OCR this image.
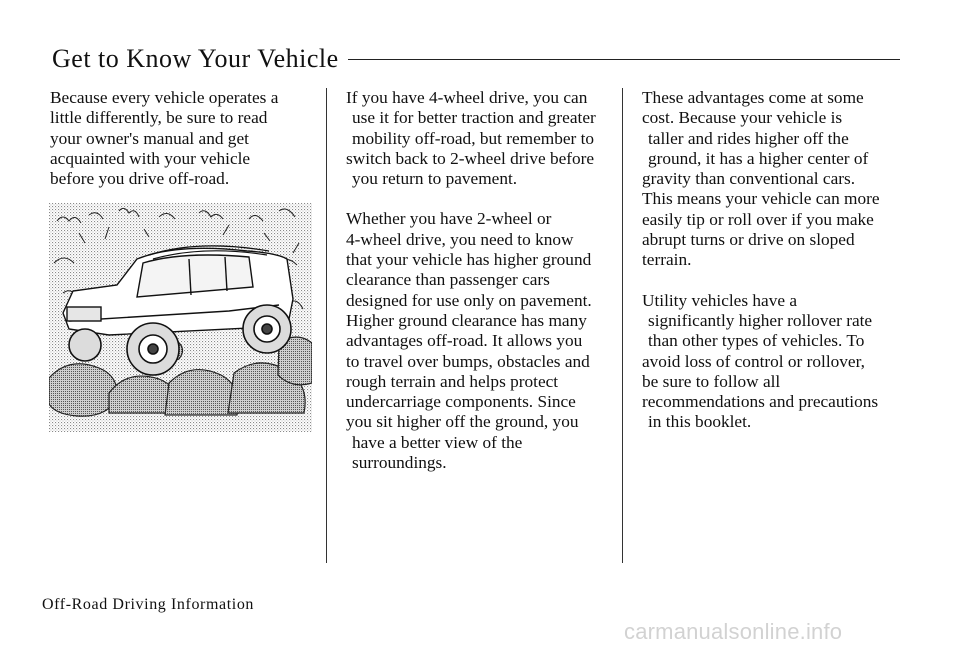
Get to Know Your Vehicle

Because every vehicle operates a
little differently, be sure to read
your owner's manual and get
acquainted with your vehicle
before you drive off-road.

If you have 4-wheel drive, you can
use it for better traction and greater
mobility off-road, but remember to
switch back to 2-wheel drive before
you return to pavement.

Whether you have 2-wheel or
4-wheel drive, you need to know
that your vehicle has higher ground
clearance than passenger cars
designed for use only on pavement.
Higher ground clearance has many
advantages off-road. It allows you
to travel over bumps, obstacles and
rough terrain and helps protect
undercarriage components. Since
you sit higher off the ground, you
have a better view of the
surroundings.

These advantages come at some
cost. Because your vehicle is
taller and rides higher off the
ground, it has a higher center of
gravity than conventional cars.
This means your vehicle can more
easily tip or roll over if you make
abrupt turns or drive on sloped
terrain.

Utility vehicles have a
significantly higher rollover rate
than other types of vehicles. To
avoid loss of control or rollover,
be sure to follow all
recommendations and precautions
in this booklet.

Off-Road Driving Information
carmanualsonline.info
